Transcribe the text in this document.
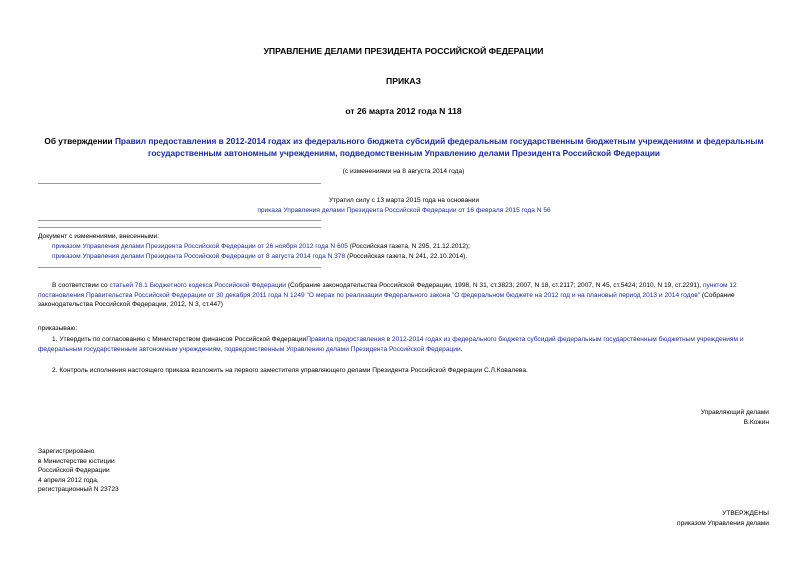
УПРАВЛЕНИЕ ДЕЛАМИ ПРЕЗИДЕНТА РОССИЙСКОЙ ФЕДЕРАЦИИ
ПРИКАЗ
от 26 марта 2012 года N 118
Об утверждении Правил предоставления в 2012-2014 годах из федерального бюджета субсидий федеральным государственным бюджетным учреждениям и федеральным государственным автономным учреждениям, подведомственным Управлению делами Президента Российской Федерации
(с изменениями на 8 августа 2014 года)
Утратил силу с 13 марта 2015 года на основании
приказа Управления делами Президента Российской Федерации от 16 февраля 2015 года N 56
Документ с изменениями, внесенными:
приказом Управления делами Президента Российской Федерации от 26 ноября 2012 года N 605 (Российская газета, N 295, 21.12.2012);
приказом Управления делами Президента Российской Федерации от 8 августа 2014 года N 378 (Российская газета, N 241, 22.10.2014).
В соответствии со статьей 78.1 Бюджетного кодекса Российской Федерации (Собрание законодательства Российской Федерации, 1998, N 31, ст.3823; 2007, N 18, ст.2117; 2007, N 45, ст.5424; 2010, N 19, ст.2291), пунктом 12 постановления Правительства Российской Федерации от 30 декабря 2011 года N 1249 "О мерах по реализации Федерального закона "О федеральном бюджете на 2012 год и на плановый период 2013 и 2014 годов" (Собрание законодательства Российской Федерации, 2012, N 3, ст.447)
приказываю:
1. Утвердить по согласованию с Министерством финансов Российской ФедерацииПравила предоставления в 2012-2014 годах из федерального бюджета субсидий федеральным государственным бюджетным учреждениям и федеральным государственным автономным учреждениям, подведомственным Управлению делами Президента Российской Федерации.
2. Контроль исполнения настоящего приказа возложить на первого заместителя управляющего делами Президента Российской Федерации С.Л.Ковалева.
Управляющий делами
В.Кожин
Зарегистрировано
в Министерстве юстиции
Российской Федерации
4 апреля 2012 года,
регистрационный N 23723
УТВЕРЖДЕНЫ
приказом Управления делами
